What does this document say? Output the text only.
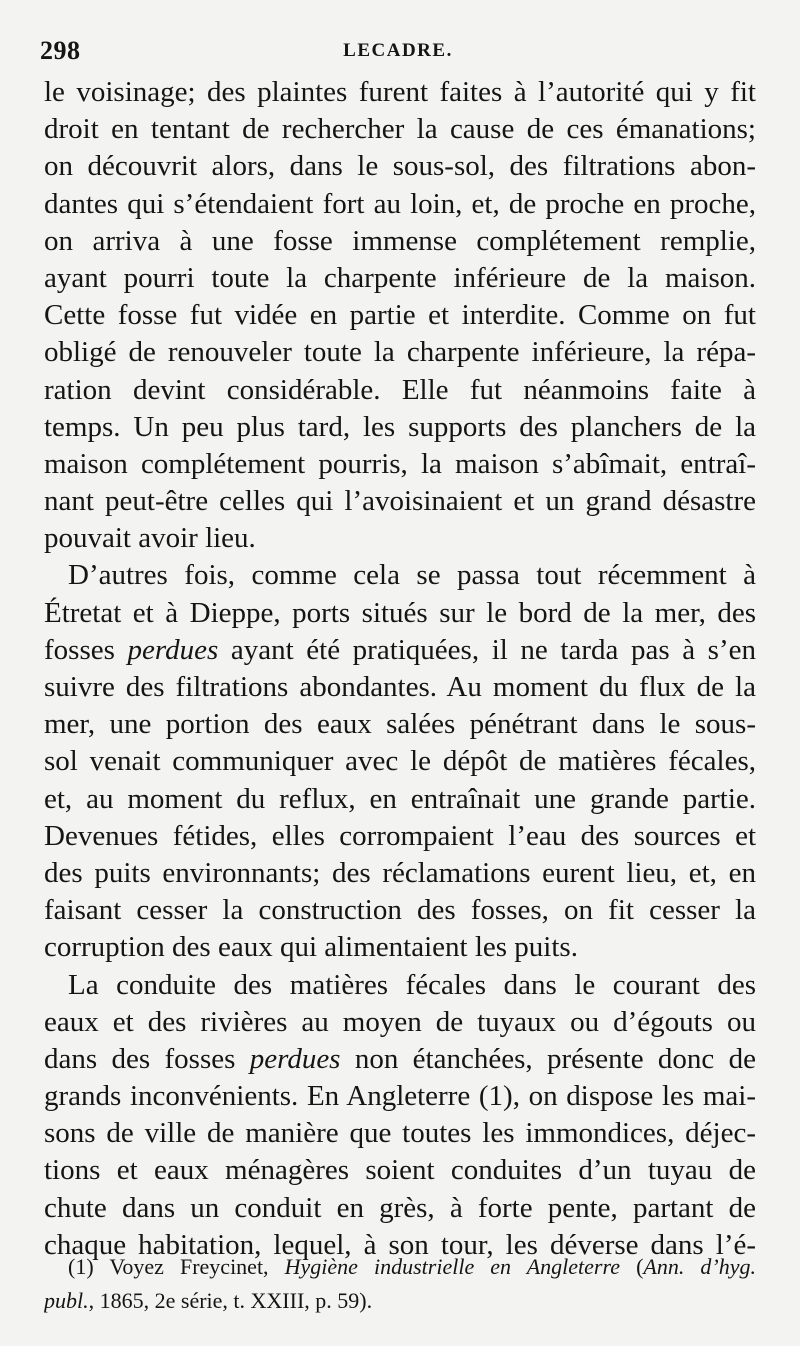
298	LECADRE.
le voisinage; des plaintes furent faites à l’autorité qui y fit
droit en tentant de rechercher la cause de ces émanations;
on découvrit alors, dans le sous-sol, des filtrations abon-
dantes qui s’étendaient fort au loin, et, de proche en proche,
on arriva à une fosse immense complétement remplie,
ayant pourri toute la charpente inférieure de la maison.
Cette fosse fut vidée en partie et interdite. Comme on fut
obligé de renouveler toute la charpente inférieure, la répa-
ration devint considérable. Elle fut néanmoins faite à
temps. Un peu plus tard, les supports des planchers de la
maison complétement pourris, la maison s’abîmait, entraî-
nant peut-être celles qui l’avoisinaient et un grand désastre
pouvait avoir lieu.
D’autres fois, comme cela se passa tout récemment à
Étretat et à Dieppe, ports situés sur le bord de la mer, des
fosses perdues ayant été pratiquées, il ne tarda pas à s’en
suivre des filtrations abondantes. Au moment du flux de la
mer, une portion des eaux salées pénétrant dans le sous-
sol venait communiquer avec le dépôt de matières fécales,
et, au moment du reflux, en entraînait une grande partie.
Devenues fétides, elles corrompaient l’eau des sources et
des puits environnants; des réclamations eurent lieu, et, en
faisant cesser la construction des fosses, on fit cesser la
corruption des eaux qui alimentaient les puits.
La conduite des matières fécales dans le courant des
eaux et des rivières au moyen de tuyaux ou d’égouts ou
dans des fosses perdues non étanchées, présente donc de
grands inconvénients. En Angleterre (1), on dispose les mai-
sons de ville de manière que toutes les immondices, déjec-
tions et eaux ménagères soient conduites d’un tuyau de
chute dans un conduit en grès, à forte pente, partant de
chaque habitation, lequel, à son tour, les déverse dans l’é-
(1) Voyez Freycinet, Hygiène industrielle en Angleterre (Ann. d’hyg.
publ., 1865, 2e série, t. XXIII, p. 59).
